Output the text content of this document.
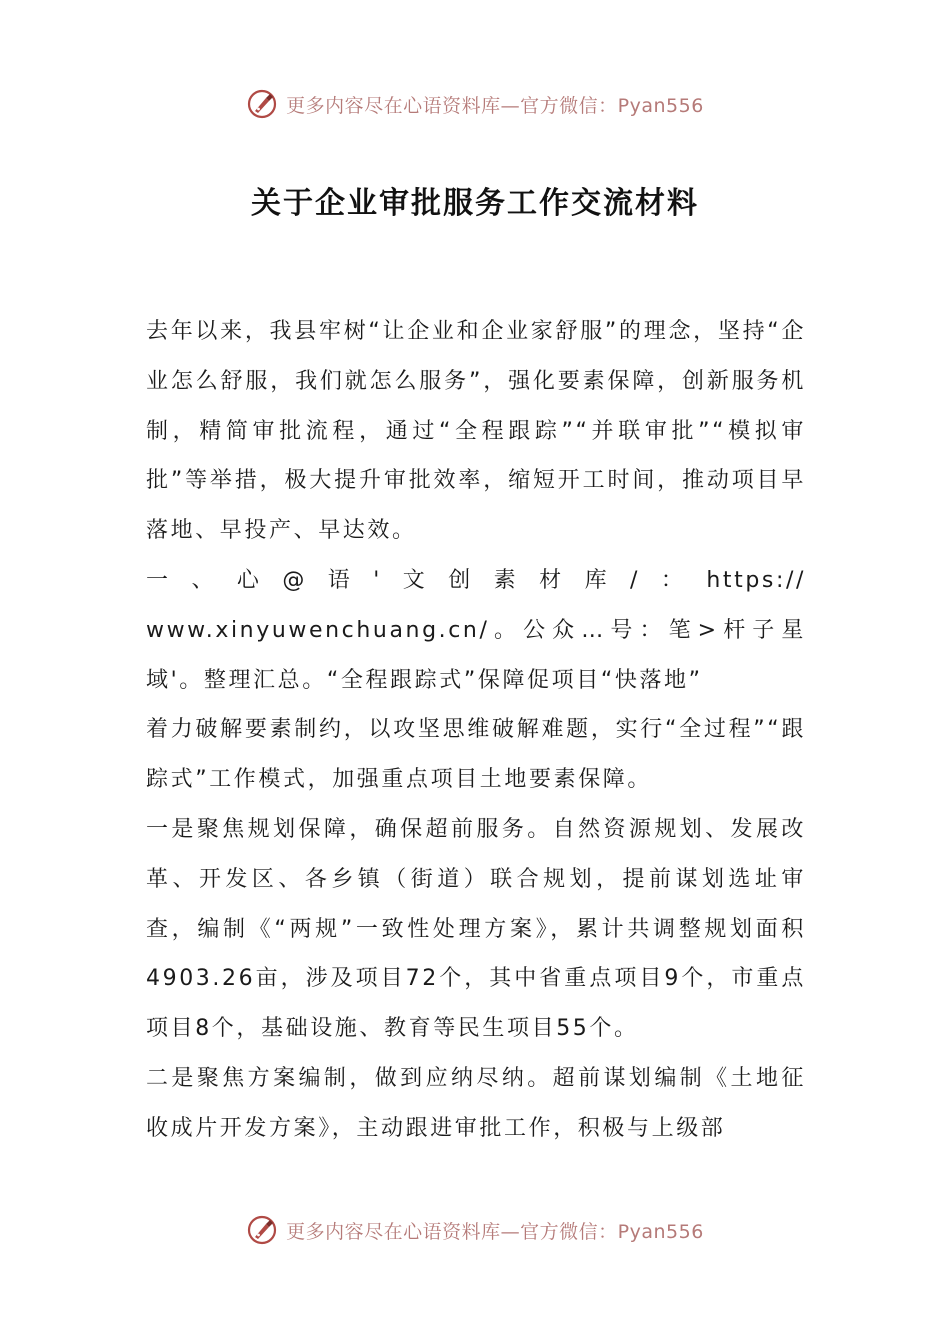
更多内容尽在心语资料库—官方微信：Pyan556
关于企业审批服务工作交流材料

去年以来，我县牢树“让企业和企业家舒服”的理念，坚持“企业怎么舒服，我们就怎么服务”，强化要素保障，创新服务机制，精简审批流程，通过“全程跟踪”“并联审批”“模拟审批”等举措，极大提升审批效率，缩短开工时间，推动项目早落地、早投产、早达效。

一、心@语'文创素材库/：https://

www.xinyuwenchuang.cn/。公众…号：笔>杆子星域'。整理汇总。“全程跟踪式”保障促项目“快落地”

着力破解要素制约，以攻坚思维破解难题，实行“全过程”“跟踪式”工作模式，加强重点项目土地要素保障。

一是聚焦规划保障，确保超前服务。自然资源规划、发展改革、开发区、各乡镇（街道）联合规划，提前谋划选址审查，编制《“两规”一致性处理方案》，累计共调整规划面积4903.26亩，涉及项目72个，其中省重点项目9个，市重点项目8个，基础设施、教育等民生项目55个。

二是聚焦方案编制，做到应纳尽纳。超前谋划编制《土地征收成片开发方案》，主动跟进审批工作，积极与上级部

更多内容尽在心语资料库—官方微信：Pyan556
